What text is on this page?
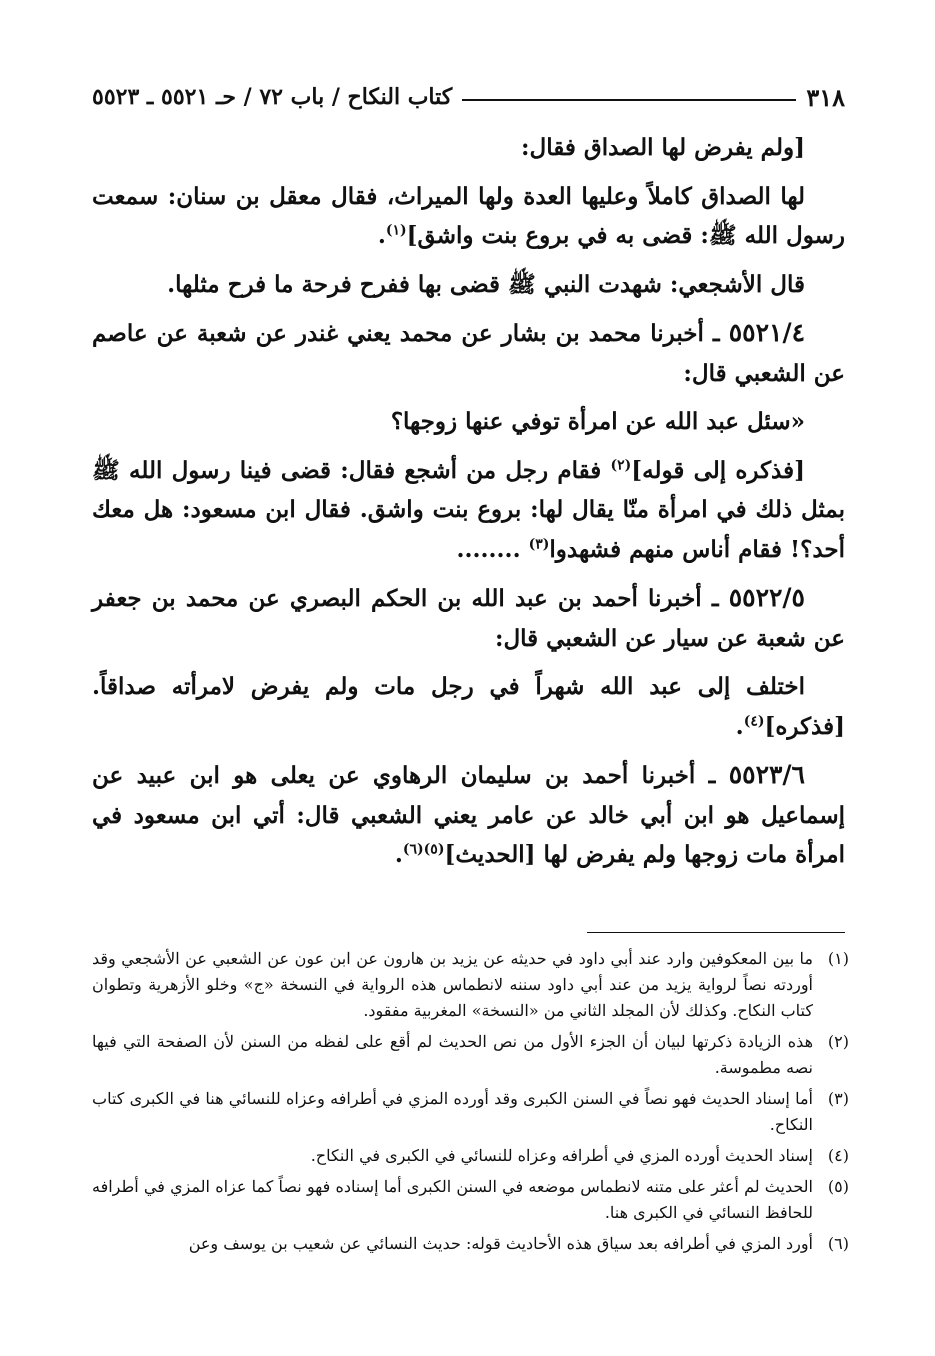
٣١٨
كتاب النكاح / باب ٧٢ / حـ ٥٥٢١ ـ ٥٥٢٣

[ولم يفرض لها الصداق فقال:

لها الصداق كاملاً وعليها العدة ولها الميراث، فقال معقل بن سنان: سمعت رسول الله ﷺ: قضى به في بروع بنت واشق]$^{(١)}$.

قال الأشجعي: شهدت النبي ﷺ قضى بها ففرح فرحة ما فرح مثلها.

٥٥٢١/٤ ـ أخبرنا محمد بن بشار عن محمد يعني غندر عن شعبة عن عاصم عن الشعبي قال:

«سئل عبد الله عن امرأة توفي عنها زوجها؟

[فذكره إلى قوله]$^{(٢)}$ فقام رجل من أشجع فقال: قضى فينا رسول الله ﷺ بمثل ذلك في امرأة منّا يقال لها: بروع بنت واشق. فقال ابن مسعود: هل معك أحد؟! فقام أناس منهم فشهدوا$^{(٣)}$ ........

٥٥٢٢/٥ ـ أخبرنا أحمد بن عبد الله بن الحكم البصري عن محمد بن جعفر عن شعبة عن سيار عن الشعبي قال:

اختلف إلى عبد الله شهراً في رجل مات ولم يفرض لامرأته صداقاً. [فذكره]$^{(٤)}$.

٥٥٢٣/٦ ـ أخبرنا أحمد بن سليمان الرهاوي عن يعلى هو ابن عبيد عن إسماعيل هو ابن أبي خالد عن عامر يعني الشعبي قال: أتي ابن مسعود في امرأة مات زوجها ولم يفرض لها [الحديث]$^{(٥)(٦)}$.

(١)
ما بين المعكوفين وارد عند أبي داود في حديثه عن يزيد بن هارون عن ابن عون عن الشعبي عن الأشجعي وقد أوردته نصاً لرواية يزيد من عند أبي داود سننه لانطماس هذه الرواية في النسخة «ج» وخلو الأزهرية وتطوان كتاب النكاح. وكذلك لأن المجلد الثاني من «النسخة» المغربية مفقود.
(٢)
هذه الزيادة ذكرتها لبيان أن الجزء الأول من نص الحديث لم أقع على لفظه من السنن لأن الصفحة التي فيها نصه مطموسة.
(٣)
أما إسناد الحديث فهو نصاً في السنن الكبرى وقد أورده المزي في أطرافه وعزاه للنسائي هنا في الكبرى كتاب النكاح.
(٤)
إسناد الحديث أورده المزي في أطرافه وعزاه للنسائي في الكبرى في النكاح.
(٥)
الحديث لم أعثر على متنه لانطماس موضعه في السنن الكبرى أما إسناده فهو نصاً كما عزاه المزي في أطرافه للحافظ النسائي في الكبرى هنا.
(٦)
أورد المزي في أطرافه بعد سياق هذه الأحاديث قوله: حديث النسائي عن شعيب بن يوسف وعن
